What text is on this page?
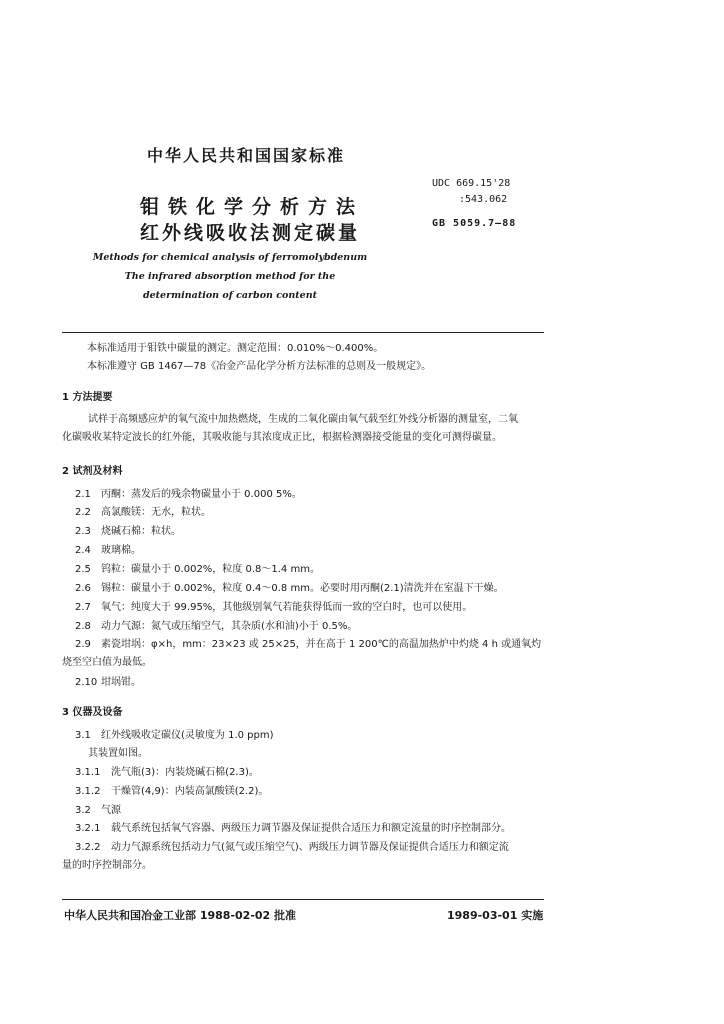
中华人民共和国国家标准
钼铁化学分析方法
红外线吸收法测定碳量
Methods for chemical analysis of ferromolybdenum
The infrared absorption method for the
determination of carbon content
UDC 669.15'28
:543.062
GB 5059.7—88
本标准适用于钼铁中碳量的测定。测定范围：0.010%～0.400%。
本标准遵守 GB 1467—78《冶金产品化学分析方法标准的总则及一般规定》。
1 方法提要
试样于高频感应炉的氧气流中加热燃烧，生成的二氧化碳由氧气载至红外线分析器的测量室，二氧
化碳吸收某特定波长的红外能，其吸收能与其浓度成正比，根据检测器接受能量的变化可测得碳量。
2 试剂及材料
2.1 丙酮：蒸发后的残余物碳量小于 0.000 5%。
2.2 高氯酸镁：无水，粒状。
2.3 烧碱石棉：粒状。
2.4 玻璃棉。
2.5 钨粒：碳量小于 0.002%，粒度 0.8～1.4 mm。
2.6 锡粒：碳量小于 0.002%，粒度 0.4～0.8 mm。必要时用丙酮(2.1)清洗并在室温下干燥。
2.7 氧气：纯度大于 99.95%，其他级别氧气若能获得低而一致的空白时，也可以使用。
2.8 动力气源：氮气或压缩空气，其杂质(水和油)小于 0.5%。
2.9 素瓷坩埚：φ×h，mm：23×23 或 25×25，并在高于 1 200℃的高温加热炉中灼烧 4 h 或通氧灼
烧至空白值为最低。
2.10 坩埚钳。
3 仪器及设备
3.1 红外线吸收定碳仪(灵敏度为 1.0 ppm)
其装置如图。
3.1.1 洗气瓶(3)：内装烧碱石棉(2.3)。
3.1.2 干燥管(4,9)：内装高氯酸镁(2.2)。
3.2 气源
3.2.1 载气系统包括氧气容器、两级压力调节器及保证提供合适压力和额定流量的时序控制部分。
3.2.2 动力气源系统包括动力气(氮气或压缩空气)、两级压力调节器及保证提供合适压力和额定流
量的时序控制部分。
中华人民共和国冶金工业部 1988-02-02 批准	1989-03-01 实施
